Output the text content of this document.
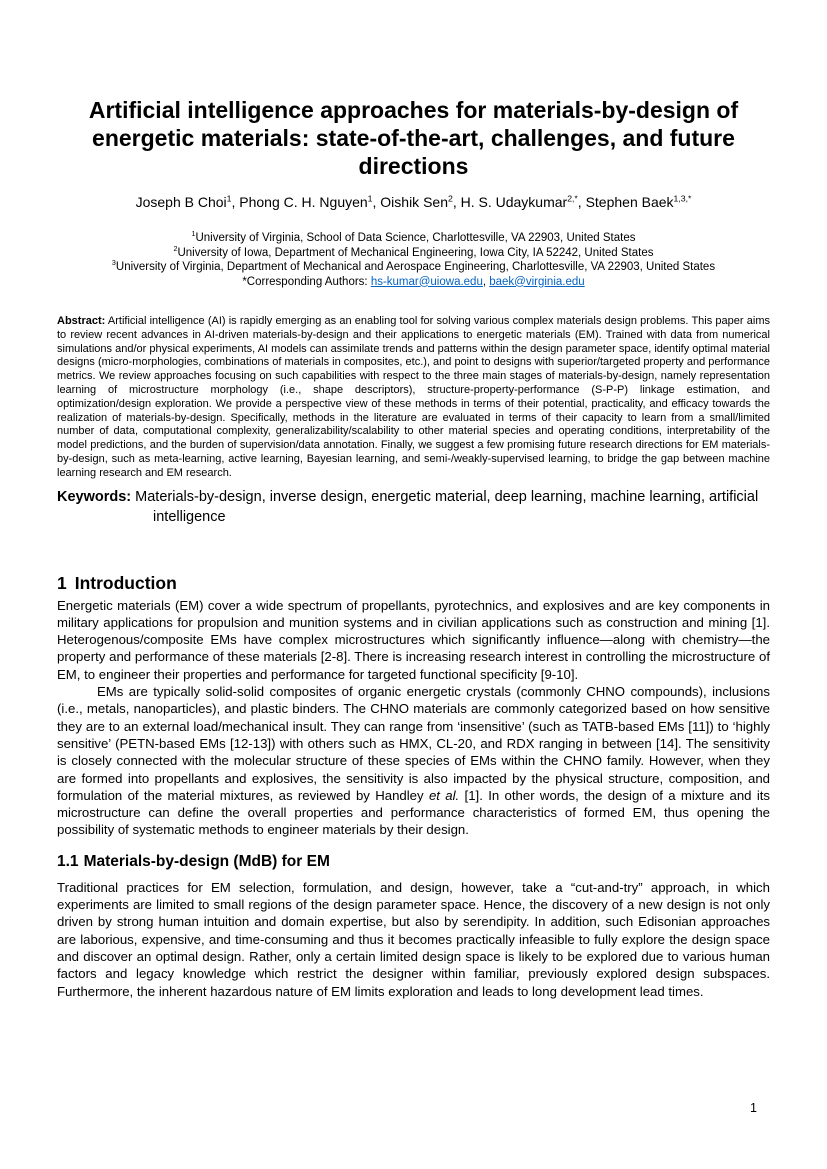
Artificial intelligence approaches for materials-by-design of energetic materials: state-of-the-art, challenges, and future directions
Joseph B Choi$^1$, Phong C. H. Nguyen$^1$, Oishik Sen$^2$, H. S. Udaykumar$^{2,*}$, Stephen Baek$^{1,3,*}$
$^1$University of Virginia, School of Data Science, Charlottesville, VA 22903, United States
$^2$University of Iowa, Department of Mechanical Engineering, Iowa City, IA 52242, United States
$^3$University of Virginia, Department of Mechanical and Aerospace Engineering, Charlottesville, VA 22903, United States
*Corresponding Authors: hs-kumar@uiowa.edu, baek@virginia.edu

Abstract: Artificial intelligence (AI) is rapidly emerging as an enabling tool for solving various complex materials design problems. This paper aims to review recent advances in AI-driven materials-by-design and their applications to energetic materials (EM). Trained with data from numerical simulations and/or physical experiments, AI models can assimilate trends and patterns within the design parameter space, identify optimal material designs (micro-morphologies, combinations of materials in composites, etc.), and point to designs with superior/targeted property and performance metrics. We review approaches focusing on such capabilities with respect to the three main stages of materials-by-design, namely representation learning of microstructure morphology (i.e., shape descriptors), structure-property-performance (S-P-P) linkage estimation, and optimization/design exploration. We provide a perspective view of these methods in terms of their potential, practicality, and efficacy towards the realization of materials-by-design. Specifically, methods in the literature are evaluated in terms of their capacity to learn from a small/limited number of data, computational complexity, generalizability/scalability to other material species and operating conditions, interpretability of the model predictions, and the burden of supervision/data annotation. Finally, we suggest a few promising future research directions for EM materials-by-design, such as meta-learning, active learning, Bayesian learning, and semi-/weakly-supervised learning, to bridge the gap between machine learning research and EM research.

Keywords: Materials-by-design, inverse design, energetic material, deep learning, machine learning, artificial intelligence

1 Introduction

Energetic materials (EM) cover a wide spectrum of propellants, pyrotechnics, and explosives and are key components in military applications for propulsion and munition systems and in civilian applications such as construction and mining [1]. Heterogenous/composite EMs have complex microstructures which significantly influence—along with chemistry—the property and performance of these materials [2-8]. There is increasing research interest in controlling the microstructure of EM, to engineer their properties and performance for targeted functional specificity [9-10].

EMs are typically solid-solid composites of organic energetic crystals (commonly CHNO compounds), inclusions (i.e., metals, nanoparticles), and plastic binders. The CHNO materials are commonly categorized based on how sensitive they are to an external load/mechanical insult. They can range from ‘insensitive’ (such as TATB-based EMs [11]) to ‘highly sensitive’ (PETN-based EMs [12-13]) with others such as HMX, CL-20, and RDX ranging in between [14]. The sensitivity is closely connected with the molecular structure of these species of EMs within the CHNO family. However, when they are formed into propellants and explosives, the sensitivity is also impacted by the physical structure, composition, and formulation of the material mixtures, as reviewed by Handley et al. [1]. In other words, the design of a mixture and its microstructure can define the overall properties and performance characteristics of formed EM, thus opening the possibility of systematic methods to engineer materials by their design.

1.1 Materials-by-design (MdB) for EM

Traditional practices for EM selection, formulation, and design, however, take a “cut-and-try” approach, in which experiments are limited to small regions of the design parameter space. Hence, the discovery of a new design is not only driven by strong human intuition and domain expertise, but also by serendipity. In addition, such Edisonian approaches are laborious, expensive, and time-consuming and thus it becomes practically infeasible to fully explore the design space and discover an optimal design. Rather, only a certain limited design space is likely to be explored due to various human factors and legacy knowledge which restrict the designer within familiar, previously explored design subspaces. Furthermore, the inherent hazardous nature of EM limits exploration and leads to long development lead times.

1
